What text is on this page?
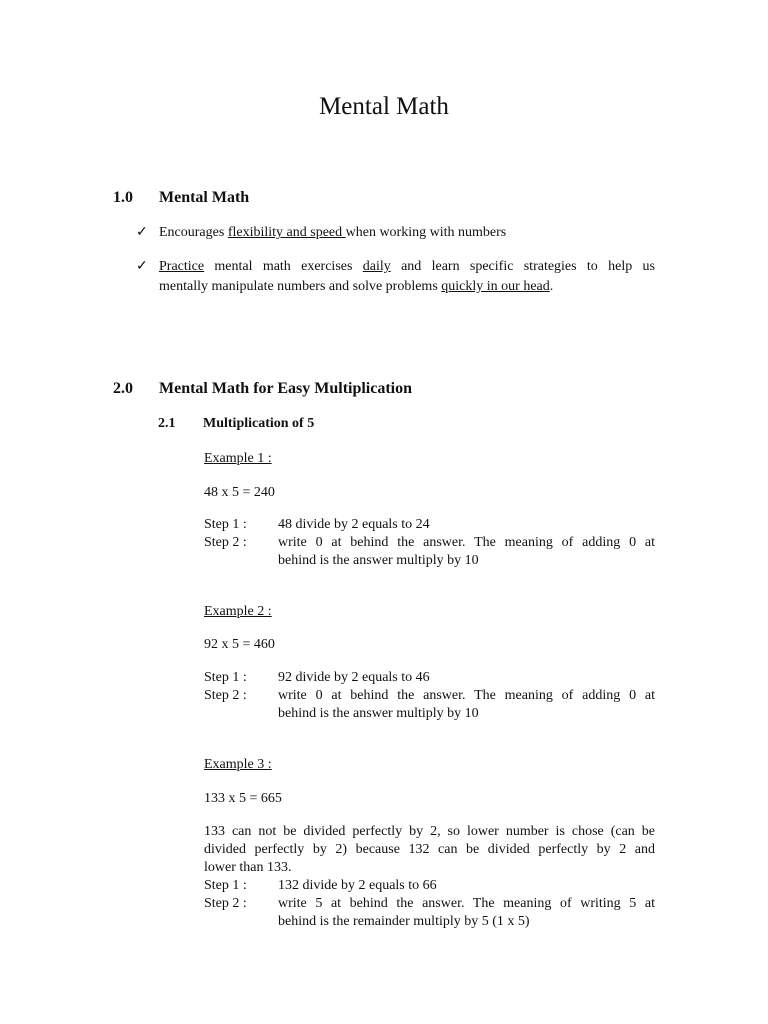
Mental Math
1.0 Mental Math
✓ Encourages flexibility and speed when working with numbers
✓ Practice mental math exercises daily and learn specific strategies to help us
mentally manipulate numbers and solve problems quickly in our head.
2.0 Mental Math for Easy Multiplication
2.1 Multiplication of 5
Example 1 :
48 x 5 = 240
Step 1 : 48 divide by 2 equals to 24
Step 2 : write 0 at behind the answer. The meaning of adding 0 at
behind is the answer multiply by 10
Example 2 :
92 x 5 = 460
Step 1 : 92 divide by 2 equals to 46
Step 2 : write 0 at behind the answer. The meaning of adding 0 at
behind is the answer multiply by 10
Example 3 :
133 x 5 = 665
133 can not be divided perfectly by 2, so lower number is chose (can be
divided perfectly by 2) because 132 can be divided perfectly by 2 and
lower than 133.
Step 1 : 132 divide by 2 equals to 66
Step 2 : write 5 at behind the answer. The meaning of writing 5 at
behind is the remainder multiply by 5 (1 x 5)
